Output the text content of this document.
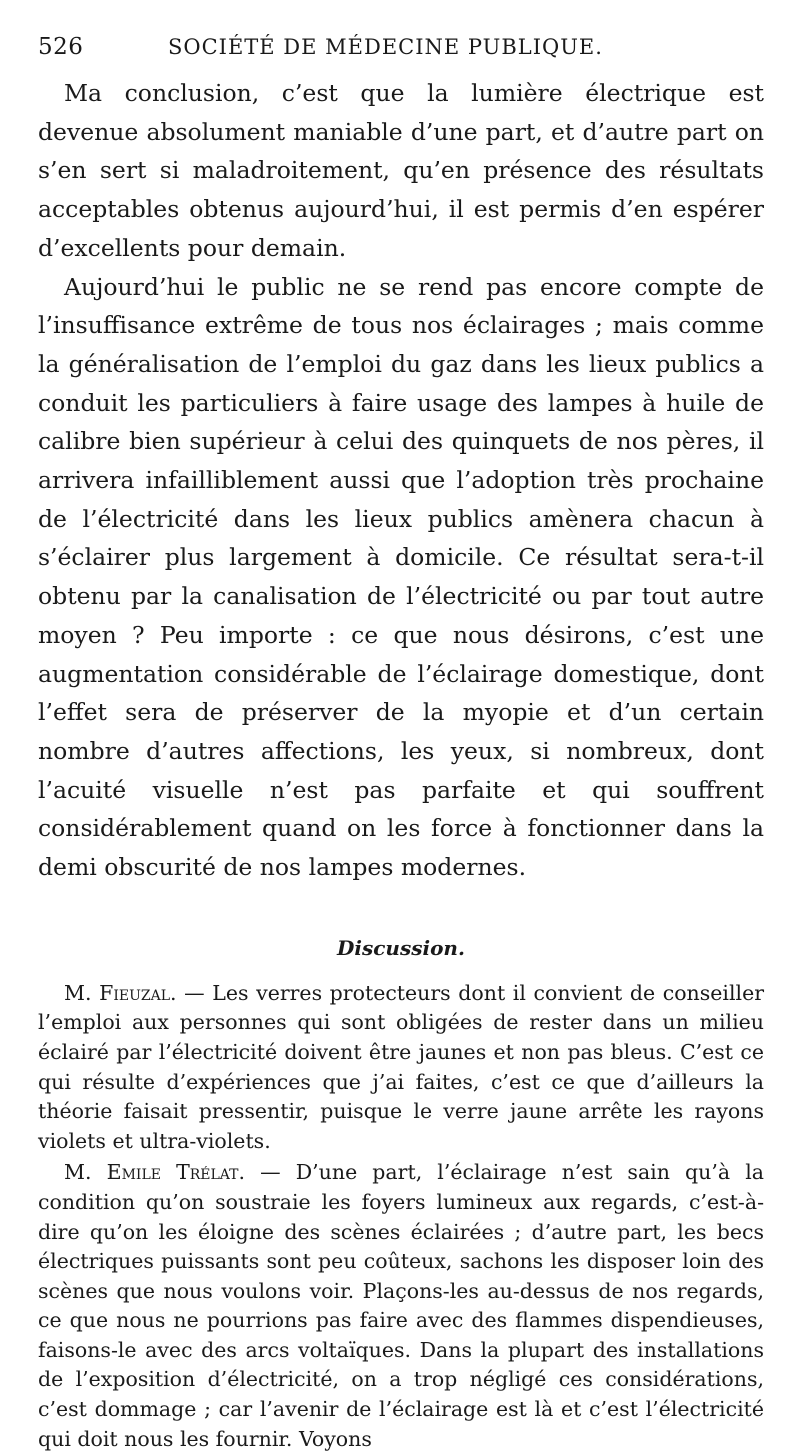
526	SOCIÉTÉ DE MÉDECINE PUBLIQUE.

Ma conclusion, c’est que la lumière électrique est devenue absolument maniable d’une part, et d’autre part on s’en sert si maladroitement, qu’en présence des résultats acceptables obtenus aujourd’hui, il est permis d’en espérer d’excellents pour demain.

Aujourd’hui le public ne se rend pas encore compte de l’insuffisance extrême de tous nos éclairages ; mais comme la généralisation de l’emploi du gaz dans les lieux publics a conduit les particuliers à faire usage des lampes à huile de calibre bien supérieur à celui des quinquets de nos pères, il arrivera infailliblement aussi que l’adoption très prochaine de l’électricité dans les lieux publics amènera chacun à s’éclairer plus largement à domicile. Ce résultat sera-t-il obtenu par la canalisation de l’électricité ou par tout autre moyen ? Peu importe : ce que nous désirons, c’est une augmentation considérable de l’éclairage domestique, dont l’effet sera de préserver de la myopie et d’un certain nombre d’autres affections, les yeux, si nombreux, dont l’acuité visuelle n’est pas parfaite et qui souffrent considérablement quand on les force à fonctionner dans la demi obscurité de nos lampes modernes.

Discussion.

M. Fieuzal. — Les verres protecteurs dont il convient de conseiller l’emploi aux personnes qui sont obligées de rester dans un milieu éclairé par l’électricité doivent être jaunes et non pas bleus. C’est ce qui résulte d’expériences que j’ai faites, c’est ce que d’ailleurs la théorie faisait pressentir, puisque le verre jaune arrête les rayons violets et ultra-violets.

M. Emile Trélat. — D’une part, l’éclairage n’est sain qu’à la condition qu’on soustraie les foyers lumineux aux regards, c’est-à-dire qu’on les éloigne des scènes éclairées ; d’autre part, les becs électriques puissants sont peu coûteux, sachons les disposer loin des scènes que nous voulons voir. Plaçons-les au-dessus de nos regards, ce que nous ne pourrions pas faire avec des flammes dispendieuses, faisons-le avec des arcs voltaïques. Dans la plupart des installations de l’exposition d’électricité, on a trop négligé ces considérations, c’est dommage ; car l’avenir de l’éclairage est là et c’est l’électricité qui doit nous les fournir. Voyons
